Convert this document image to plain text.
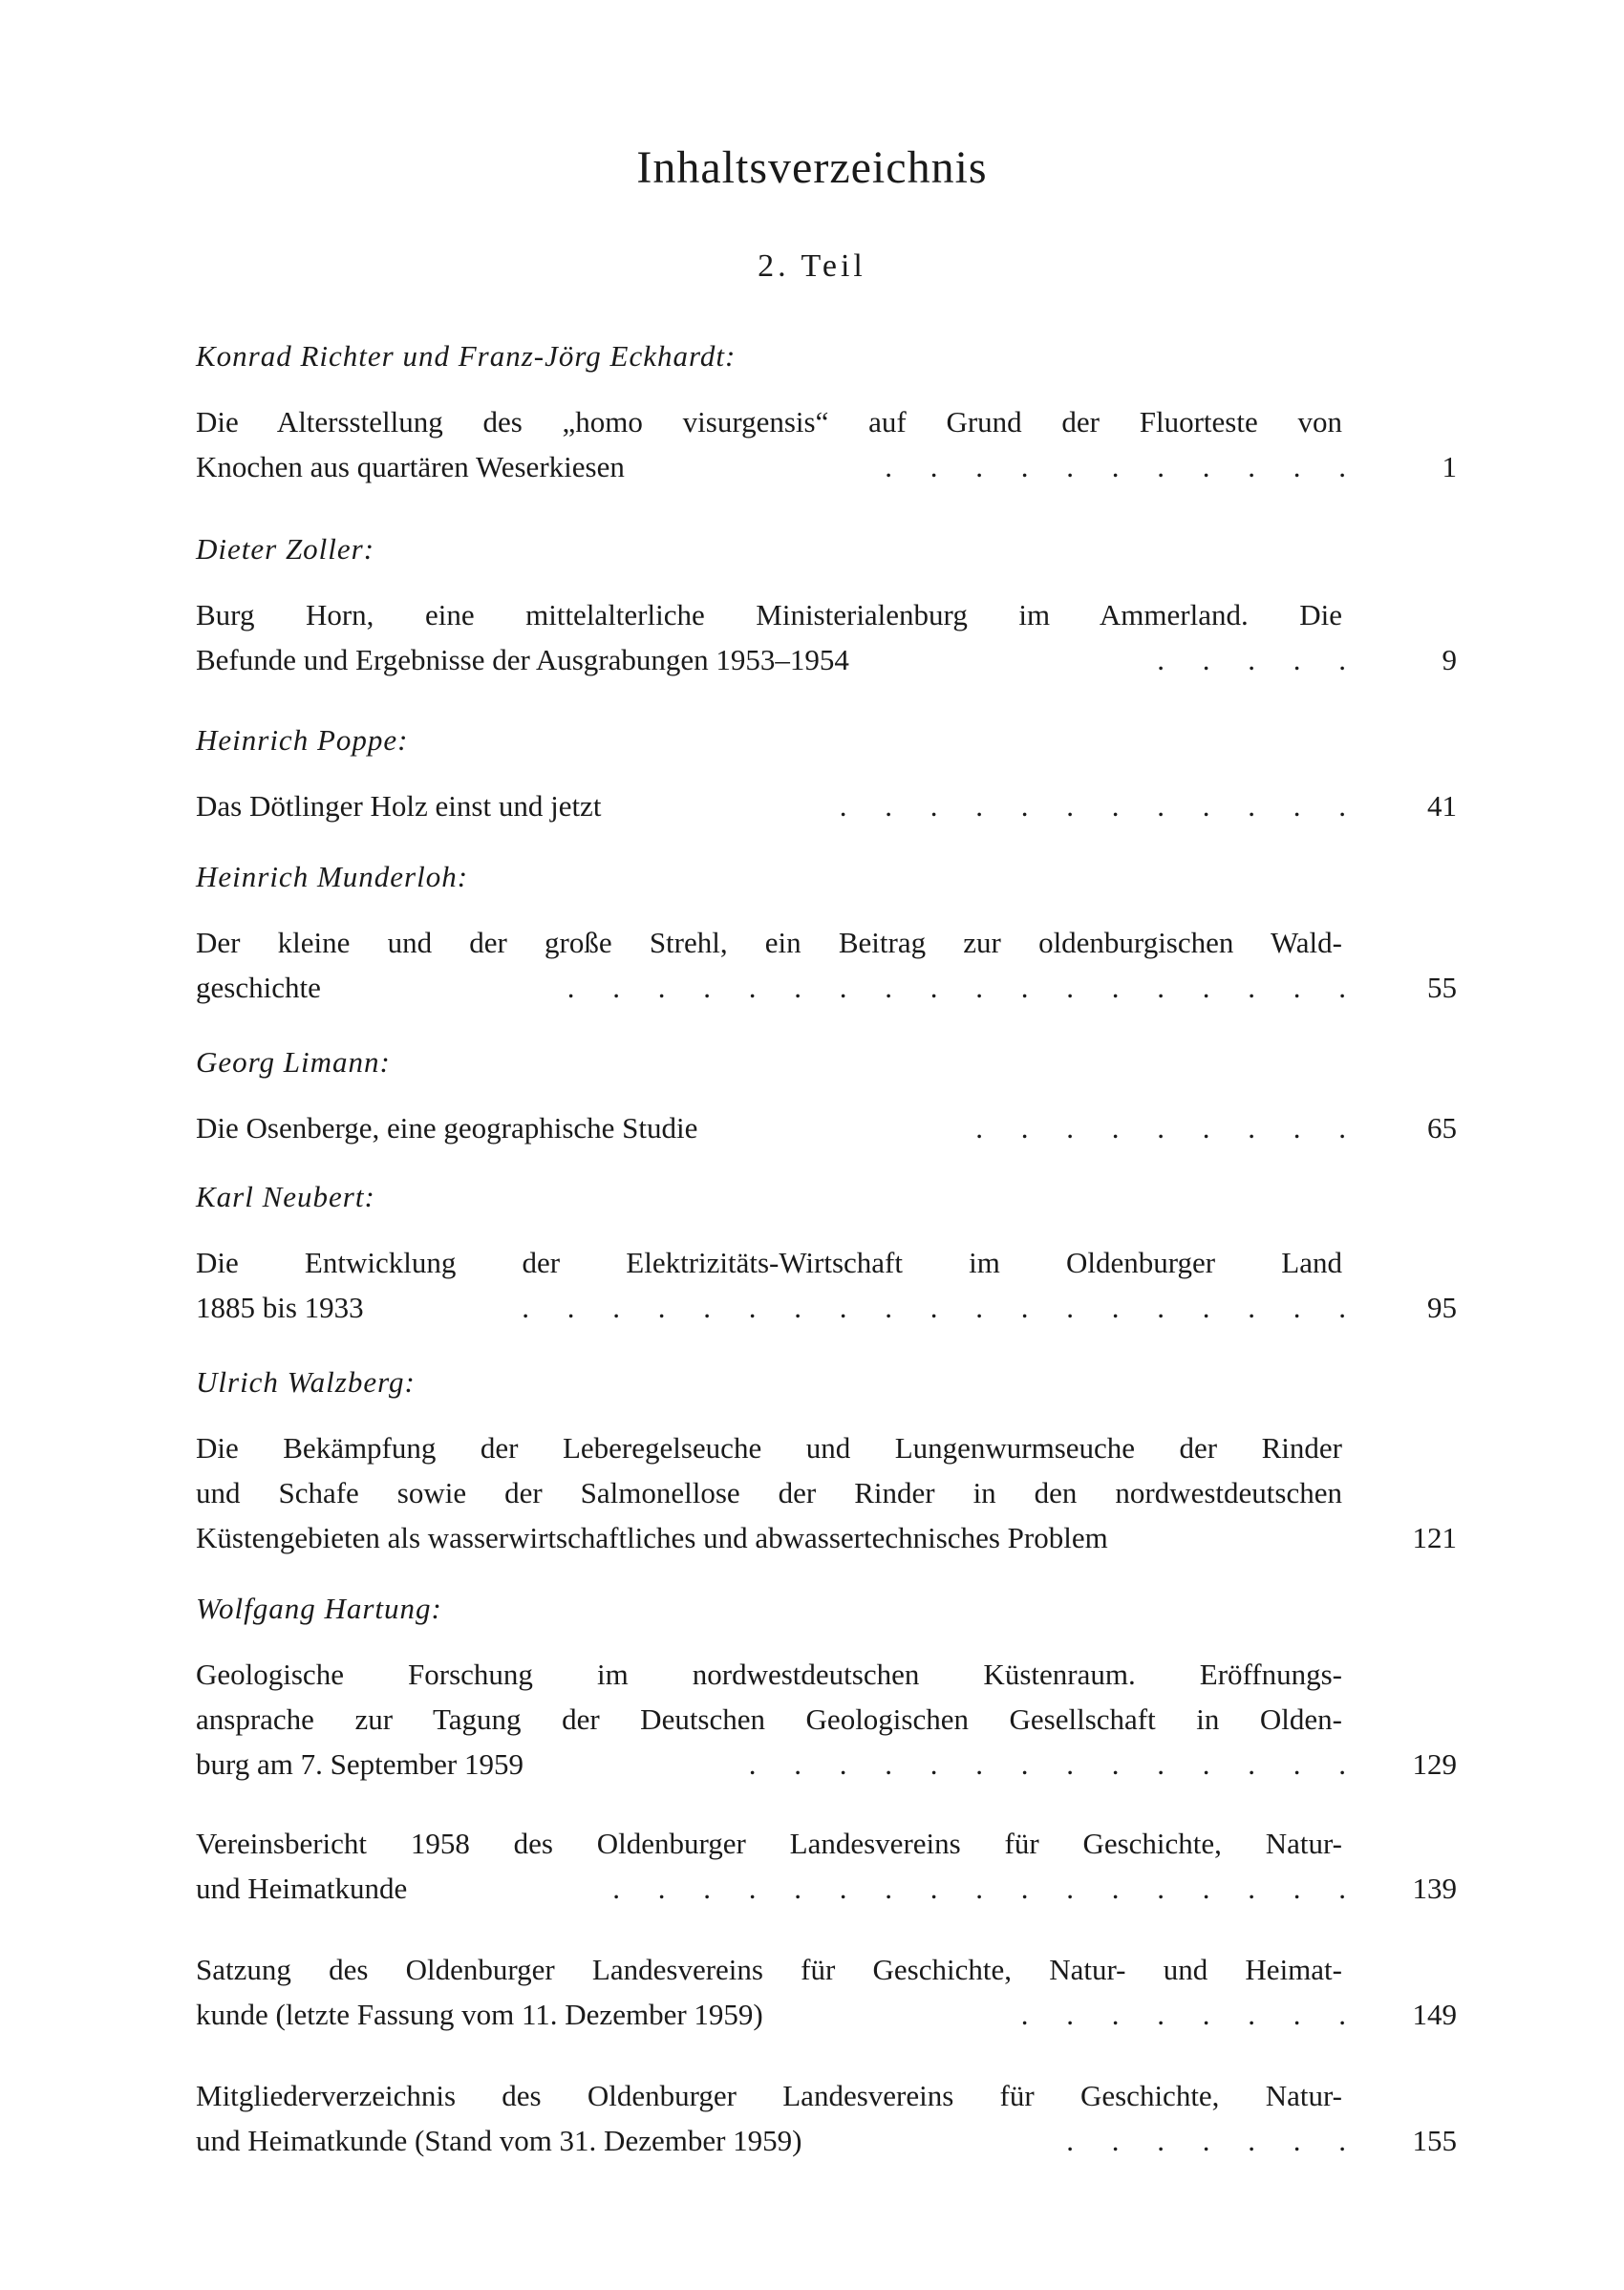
Inhaltsverzeichnis
2. Teil
Konrad Richter und Franz-Jörg Eckhardt:
Die Altersstellung des „homo visurgensis“ auf Grund der Fluorteste von
Knochen aus quartären Weserkiesen	. . . . . . . . . . .	1
Dieter Zoller:
Burg Horn, eine mittelalterliche Ministerialenburg im Ammerland. Die
Befunde und Ergebnisse der Ausgrabungen 1953–1954	. . . . .	9
Heinrich Poppe:
Das Dötlinger Holz einst und jetzt	. . . . . . . . . . . .	41
Heinrich Munderloh:
Der kleine und der große Strehl, ein Beitrag zur oldenburgischen Wald-
geschichte	. . . . . . . . . . . . . . . . . .	55
Georg Limann:
Die Osenberge, eine geographische Studie	. . . . . . . . .	65
Karl Neubert:
Die Entwicklung der Elektrizitäts-Wirtschaft im Oldenburger Land
1885 bis 1933	. . . . . . . . . . . . . . . . . . .	95
Ulrich Walzberg:
Die Bekämpfung der Leberegelseuche und Lungenwurmseuche der Rinder
und Schafe sowie der Salmonellose der Rinder in den nordwestdeutschen
Küstengebieten als wasserwirtschaftliches und abwassertechnisches Problem	121
Wolfgang Hartung:
Geologische Forschung im nordwestdeutschen Küstenraum. Eröffnungs-
ansprache zur Tagung der Deutschen Geologischen Gesellschaft in Olden-
burg am 7. September 1959	. . . . . . . . . . . . . .	129
Vereinsbericht 1958 des Oldenburger Landesvereins für Geschichte, Natur-
und Heimatkunde	. . . . . . . . . . . . . . . . .	139
Satzung des Oldenburger Landesvereins für Geschichte, Natur- und Heimat-
kunde (letzte Fassung vom 11. Dezember 1959)	. . . . . . . .	149
Mitgliederverzeichnis des Oldenburger Landesvereins für Geschichte, Natur-
und Heimatkunde (Stand vom 31. Dezember 1959)	. . . . . . .	155
